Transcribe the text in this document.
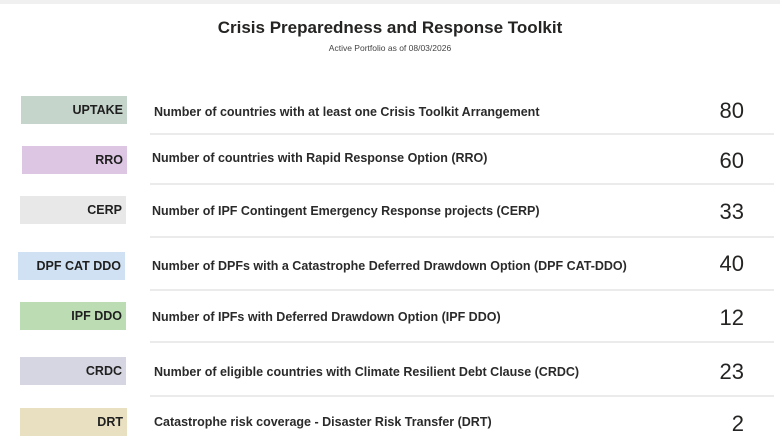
Crisis Preparedness and Response Toolkit
Active Portfolio as of 08/03/2026
UPTAKE	Number of countries with at least one Crisis Toolkit Arrangement	80
RRO	Number of countries with Rapid Response Option (RRO)	60
CERP	Number of IPF Contingent Emergency Response projects (CERP)	33
DPF CAT DDO	Number of DPFs with a Catastrophe Deferred Drawdown Option (DPF CAT-DDO)	40
IPF DDO	Number of IPFs with Deferred Drawdown Option (IPF DDO)	12
CRDC	Number of eligible countries with Climate Resilient Debt Clause (CRDC)	23
DRT	Catastrophe risk coverage - Disaster Risk Transfer (DRT)	2
